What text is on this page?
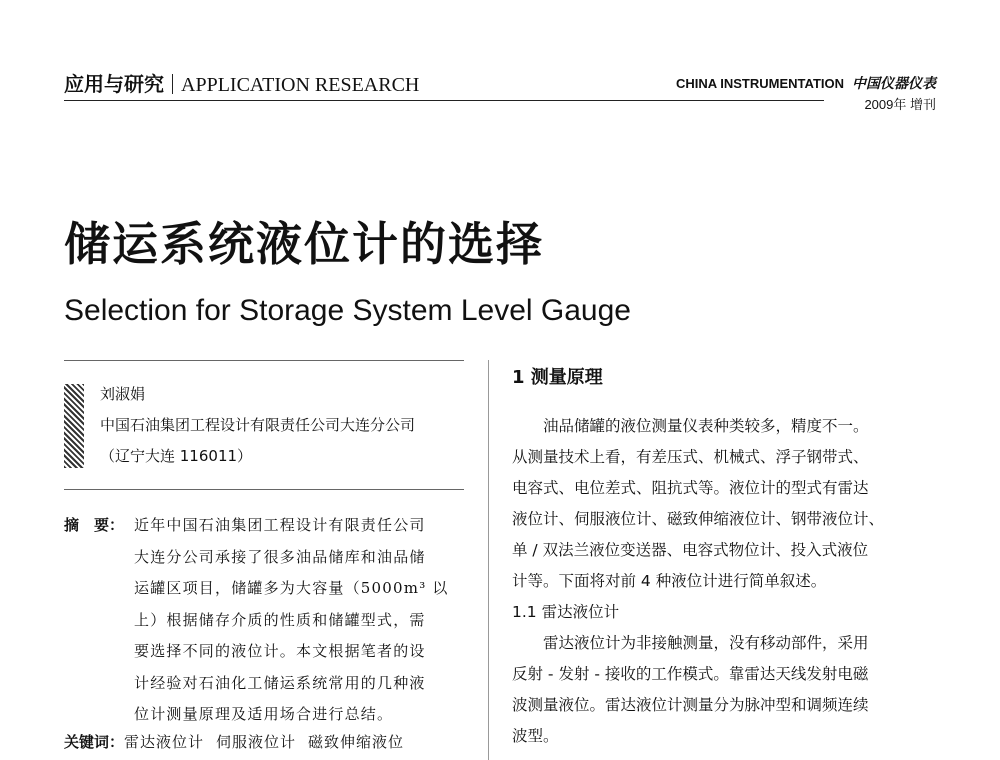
应用与研究 APPLICATION RESEARCH	CHINA INSTRUMENTATION 中国仪器仪表
2009年 增刊
储运系统液位计的选择
Selection for Storage System Level Gauge
刘淑娟
中国石油集团工程设计有限责任公司大连分公司
（辽宁大连 116011）
摘　要： 近年中国石油集团工程设计有限责任公司
大连分公司承接了很多油品储库和油品储
运罐区项目，储罐多为大容量（5000m³ 以
上）根据储存介质的性质和储罐型式，需
要选择不同的液位计。本文根据笔者的设
计经验对石油化工储运系统常用的几种液
位计测量原理及适用场合进行总结。
关键词：雷达液位计 伺服液位计 磁致伸缩液位
1 测量原理
　　油品储罐的液位测量仪表种类较多，精度不一。
从测量技术上看，有差压式、机械式、浮子钢带式、
电容式、电位差式、阻抗式等。液位计的型式有雷达
液位计、伺服液位计、磁致伸缩液位计、钢带液位计、
单 / 双法兰液位变送器、电容式物位计、投入式液位
计等。下面将对前 4 种液位计进行简单叙述。
1.1 雷达液位计
　　雷达液位计为非接触测量，没有移动部件，采用
反射 - 发射 - 接收的工作模式。靠雷达天线发射电磁
波测量液位。雷达液位计测量分为脉冲型和调频连续
波型。
